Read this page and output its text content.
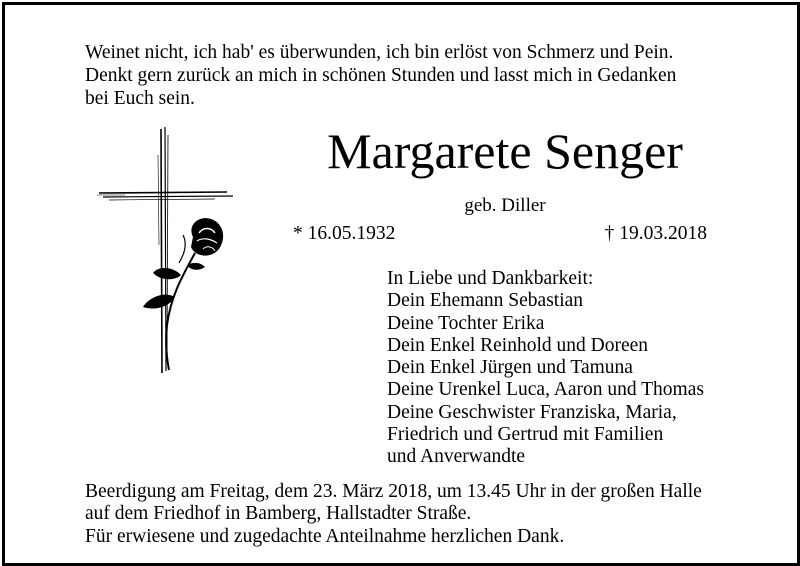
Weinet nicht, ich hab' es überwunden, ich bin erlöst von Schmerz und Pein.
Denkt gern zurück an mich in schönen Stunden und lasst mich in Gedanken
bei Euch sein.
Margarete Senger
geb. Diller
* 16.05.1932	† 19.03.2018
In Liebe und Dankbarkeit:
Dein Ehemann Sebastian
Deine Tochter Erika
Dein Enkel Reinhold und Doreen
Dein Enkel Jürgen und Tamuna
Deine Urenkel Luca, Aaron und Thomas
Deine Geschwister Franziska, Maria,
Friedrich und Gertrud mit Familien
und Anverwandte
Beerdigung am Freitag, dem 23. März 2018, um 13.45 Uhr in der großen Halle
auf dem Friedhof in Bamberg, Hallstadter Straße.
Für erwiesene und zugedachte Anteilnahme herzlichen Dank.
